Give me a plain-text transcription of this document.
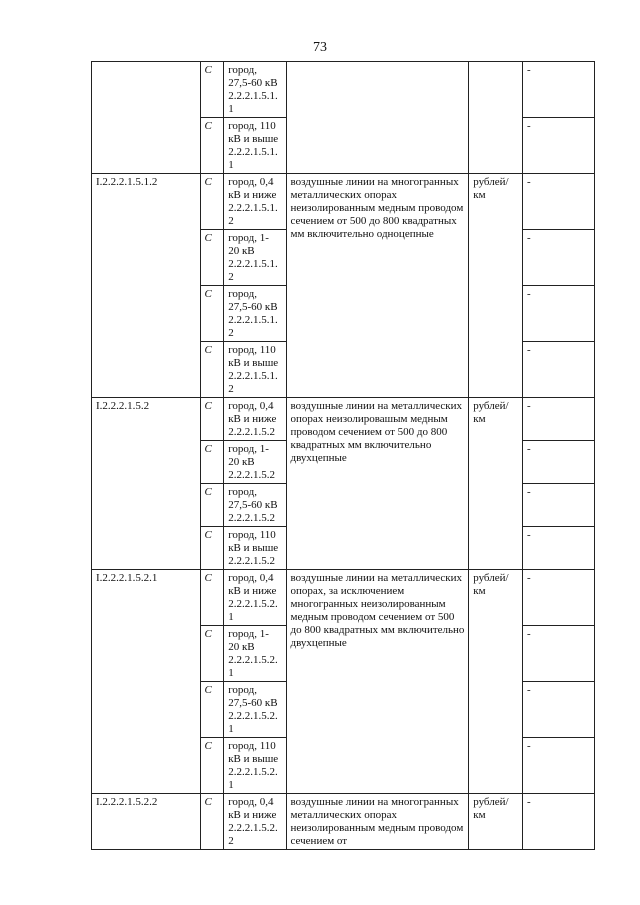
73

	С	город,
27,5-60 кВ
2.2.2.1.5.1.
1			-

	С	город, 110
кВ и выше
2.2.2.1.5.1.
1			-

I.2.2.2.1.5.1.2	С	город, 0,4
кВ и ниже
2.2.2.1.5.1.
2	воздушные линии на многогранных металлических опорах неизолированным медным проводом сечением от 500 до 800 квадратных мм включительно одноцепные	рублей/
км	-

	С	город, 1-
20 кВ
2.2.2.1.5.1.
2			-

	С	город,
27,5-60 кВ
2.2.2.1.5.1.
2			-

	С	город, 110
кВ и выше
2.2.2.1.5.1.
2			-

I.2.2.2.1.5.2	С	город, 0,4
кВ и ниже
2.2.2.1.5.2	воздушные линии на металлических опорах неизолировашым медным проводом сечением от 500 до 800 квадратных мм включительно двухцепные	рублей/
км	-

	С	город, 1-
20 кВ
2.2.2.1.5.2			-

	С	город,
27,5-60 кВ
2.2.2.1.5.2			-

	С	город, 110
кВ и выше
2.2.2.1.5.2			-

I.2.2.2.1.5.2.1	С	город, 0,4
кВ и ниже
2.2.2.1.5.2.
1	воздушные линии на металлических опорах, за исключением многогранных неизолированным медным проводом сечением от 500 до 800 квадратных мм включительно двухцепные	рублей/
км	-

	С	город, 1-
20 кВ
2.2.2.1.5.2.
1			-

	С	город,
27,5-60 кВ
2.2.2.1.5.2.
1			-

	С	город, 110
кВ и выше
2.2.2.1.5.2.
1			-

I.2.2.2.1.5.2.2	С	город, 0,4
кВ и ниже
2.2.2.1.5.2.
2	воздушные линии на многогранных металлических опорах неизолированным медным проводом сечением от	рублей/
км	-
